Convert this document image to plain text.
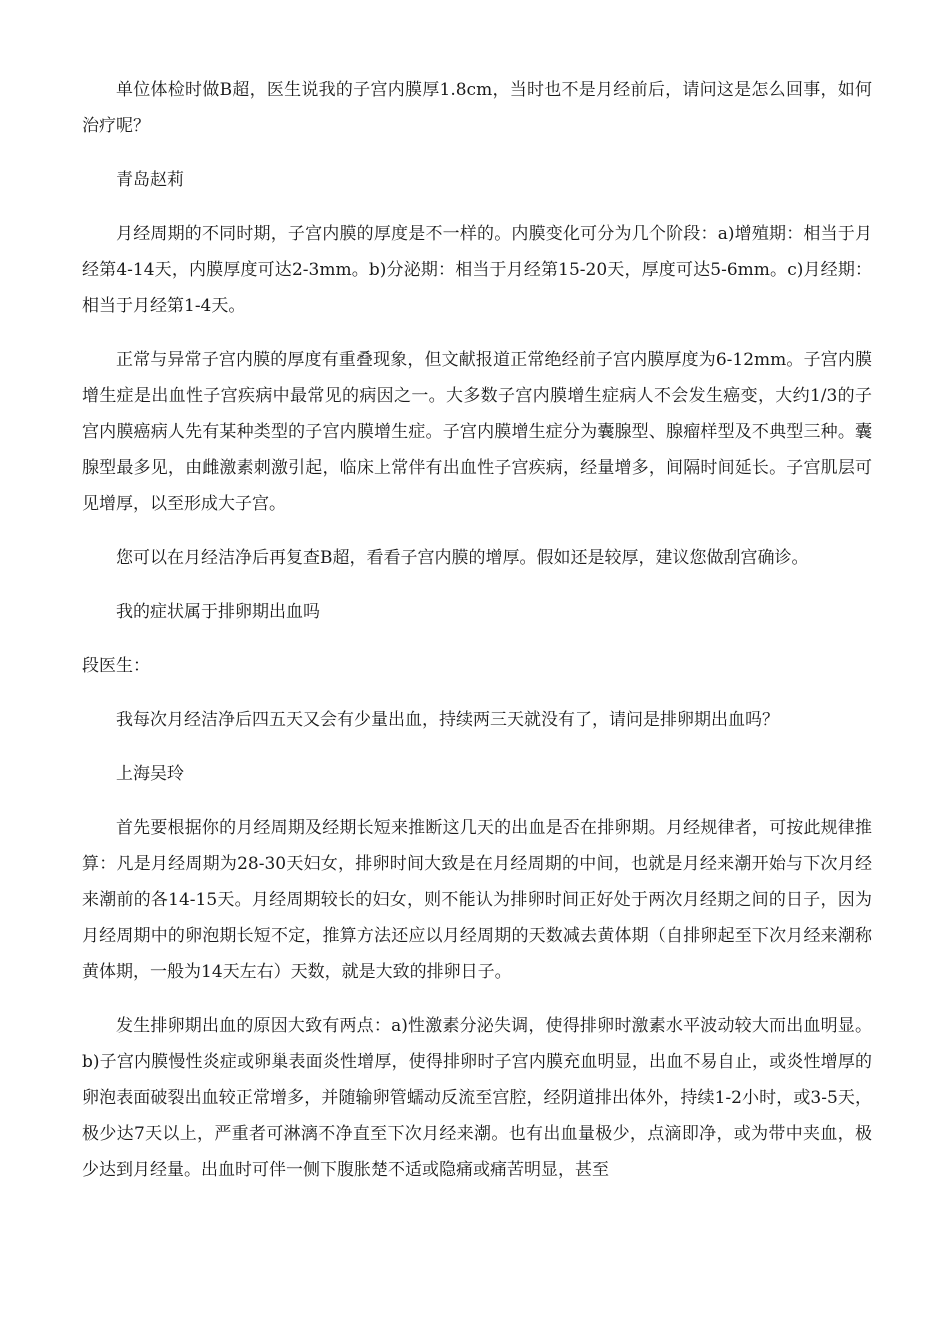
单位体检时做B超，医生说我的子宫内膜厚1.8cm，当时也不是月经前后，请问这是怎么回事，如何治疗呢？

青岛赵莉

月经周期的不同时期，子宫内膜的厚度是不一样的。内膜变化可分为几个阶段：a)增殖期：相当于月经第4-14天，内膜厚度可达2-3mm。b)分泌期：相当于月经第15-20天，厚度可达5-6mm。c)月经期：相当于月经第1-4天。

正常与异常子宫内膜的厚度有重叠现象，但文献报道正常绝经前子宫内膜厚度为6-12mm。子宫内膜增生症是出血性子宫疾病中最常见的病因之一。大多数子宫内膜增生症病人不会发生癌变，大约1/3的子宫内膜癌病人先有某种类型的子宫内膜增生症。子宫内膜增生症分为囊腺型、腺瘤样型及不典型三种。囊腺型最多见，由雌激素刺激引起，临床上常伴有出血性子宫疾病，经量增多，间隔时间延长。子宫肌层可见增厚，以至形成大子宫。

您可以在月经洁净后再复查B超，看看子宫内膜的增厚。假如还是较厚，建议您做刮宫确诊。

我的症状属于排卵期出血吗

段医生：

我每次月经洁净后四五天又会有少量出血，持续两三天就没有了，请问是排卵期出血吗？

上海吴玲

首先要根据你的月经周期及经期长短来推断这几天的出血是否在排卵期。月经规律者，可按此规律推算：凡是月经周期为28-30天妇女，排卵时间大致是在月经周期的中间，也就是月经来潮开始与下次月经来潮前的各14-15天。月经周期较长的妇女，则不能认为排卵时间正好处于两次月经期之间的日子，因为月经周期中的卵泡期长短不定，推算方法还应以月经周期的天数减去黄体期（自排卵起至下次月经来潮称黄体期，一般为14天左右）天数，就是大致的排卵日子。

发生排卵期出血的原因大致有两点：a)性激素分泌失调，使得排卵时激素水平波动较大而出血明显。b)子宫内膜慢性炎症或卵巢表面炎性增厚，使得排卵时子宫内膜充血明显，出血不易自止，或炎性增厚的卵泡表面破裂出血较正常增多，并随输卵管蠕动反流至宫腔，经阴道排出体外，持续1-2小时，或3-5天，极少达7天以上，严重者可淋漓不净直至下次月经来潮。也有出血量极少，点滴即净，或为带中夹血，极少达到月经量。出血时可伴一侧下腹胀楚不适或隐痛或痛苦明显，甚至
